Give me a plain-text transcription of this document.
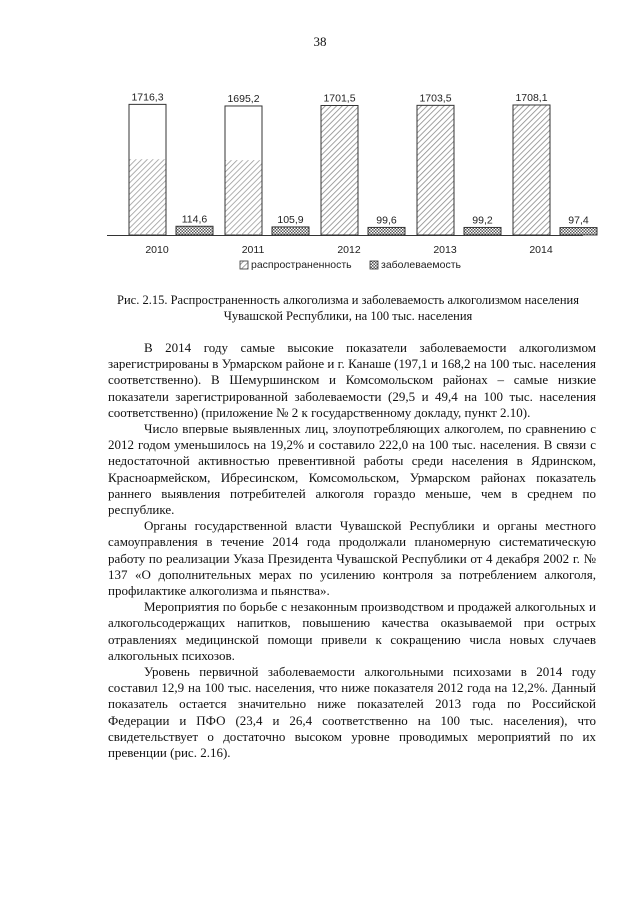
38
1716,3
114,6
2010
1695,2
105,9
2011
1701,5
99,6
2012
1703,5
99,2
2013
1708,1
97,4
2014
распространенность	заболеваемость
Рис. 2.15. Распространенность алкоголизма и заболеваемость алкоголизмом населения
Чувашской Республики, на 100 тыс. населения

В 2014 году самые высокие показатели заболеваемости алкоголизмом зарегистрированы в Урмарском районе и г. Канаше (197,1 и 168,2 на 100 тыс. населения соответственно). В Шемуршинском и Комсомольском районах – самые низкие показатели зарегистрированной заболеваемости (29,5 и 49,4 на 100 тыс. населения соответственно) (приложение № 2 к государственному докладу, пункт 2.10).

Число впервые выявленных лиц, злоупотребляющих алкоголем, по сравнению с 2012 годом уменьшилось на 19,2% и составило 222,0 на 100 тыс. населения. В связи с недостаточной активностью превентивной работы среди населения в Ядринском, Красноармейском, Ибресинском, Комсомольском, Урмарском районах показатель раннего выявления потребителей алкоголя гораздо меньше, чем в среднем по республике.

Органы государственной власти Чувашской Республики и органы местного самоуправления в течение 2014 года продолжали планомерную систематическую работу по реализации Указа Президента Чувашской Республики от 4 декабря 2002 г. № 137 «О дополнительных мерах по усилению контроля за потреблением алкоголя, профилактике алкоголизма и пьянства».

Мероприятия по борьбе с незаконным производством и продажей алкогольных и алкогольсодержащих напитков, повышению качества оказываемой при острых отравлениях медицинской помощи привели к сокращению числа новых случаев алкогольных психозов.

Уровень первичной заболеваемости алкогольными психозами в 2014 году составил 12,9 на 100 тыс. населения, что ниже показателя 2012 года на 12,2%. Данный показатель остается значительно ниже показателей 2013 года по Российской Федерации и ПФО (23,4 и 26,4 соответственно на 100 тыс. населения), что свидетельствует о достаточно высоком уровне проводимых мероприятий по их превенции (рис. 2.16).
